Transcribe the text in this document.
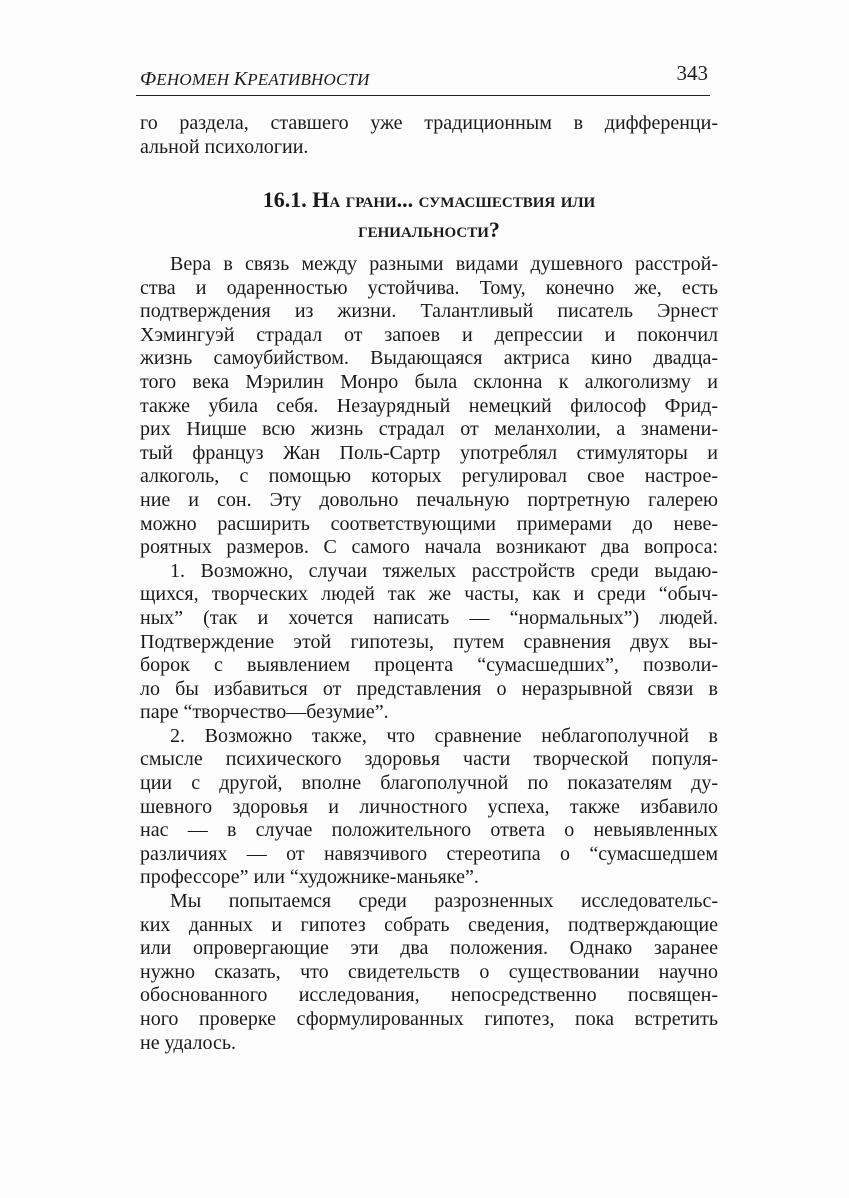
ФЕНОМЕН КРЕАТИВНОСТИ	343

го раздела, ставшего уже традиционным в дифференци-
альной психологии.

16.1. На грани... сумасшествия или
гениальности?

Вера в связь между разными видами душевного расстрой-
ства и одаренностью устойчива. Тому, конечно же, есть
подтверждения из жизни. Талантливый писатель Эрнест
Хэмингуэй страдал от запоев и депрессии и покончил
жизнь самоубийством. Выдающаяся актриса кино двадца-
того века Мэрилин Монро была склонна к алкоголизму и
также убила себя. Незаурядный немецкий философ Фрид-
рих Ницше всю жизнь страдал от меланхолии, а знамени-
тый француз Жан Поль-Сартр употреблял стимуляторы и
алкоголь, с помощью которых регулировал свое настрое-
ние и сон. Эту довольно печальную портретную галерею
можно расширить соответствующими примерами до неве-
роятных размеров. С самого начала возникают два вопроса:

1. Возможно, случаи тяжелых расстройств среди выдаю-
щихся, творческих людей так же часты, как и среди “обыч-
ных” (так и хочется написать — “нормальных”) людей.
Подтверждение этой гипотезы, путем сравнения двух вы-
борок с выявлением процента “сумасшедших”, позволи-
ло бы избавиться от представления о неразрывной связи в
паре “творчество—безумие”.

2. Возможно также, что сравнение неблагополучной в
смысле психического здоровья части творческой популя-
ции с другой, вполне благополучной по показателям ду-
шевного здоровья и личностного успеха, также избавило
нас — в случае положительного ответа о невыявленных
различиях — от навязчивого стереотипа о “сумасшедшем
профессоре” или “художнике-маньяке”.

Мы попытаемся среди разрозненных исследовательс-
ких данных и гипотез собрать сведения, подтверждающие
или опровергающие эти два положения. Однако заранее
нужно сказать, что свидетельств о существовании научно
обоснованного исследования, непосредственно посвящен-
ного проверке сформулированных гипотез, пока встретить
не удалось.
